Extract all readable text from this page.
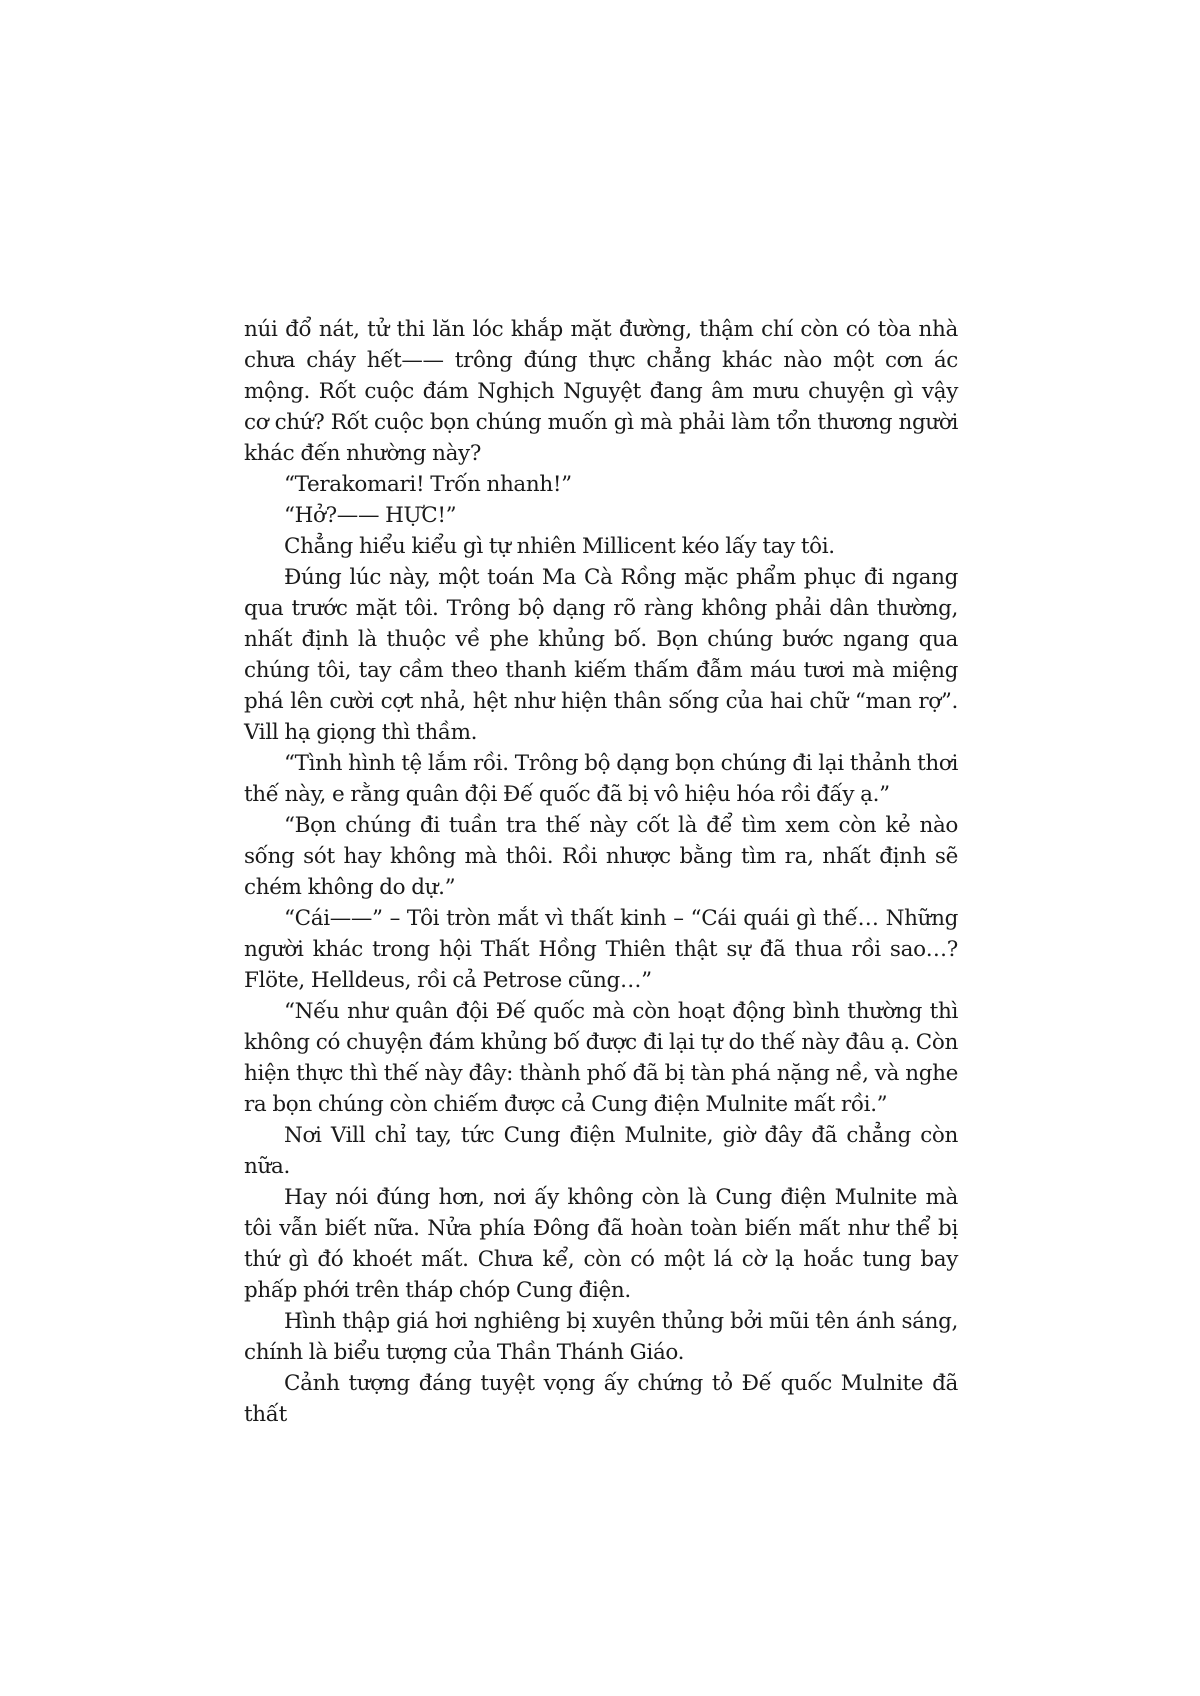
núi đổ nát, tử thi lăn lóc khắp mặt đường, thậm chí còn có tòa nhà chưa cháy hết—— trông đúng thực chẳng khác nào một cơn ác mộng. Rốt cuộc đám Nghịch Nguyệt đang âm mưu chuyện gì vậy cơ chứ? Rốt cuộc bọn chúng muốn gì mà phải làm tổn thương người khác đến nhường này?

“Terakomari! Trốn nhanh!”

“Hở?—— HỰC!”

Chẳng hiểu kiểu gì tự nhiên Millicent kéo lấy tay tôi.

Đúng lúc này, một toán Ma Cà Rồng mặc phẩm phục đi ngang qua trước mặt tôi. Trông bộ dạng rõ ràng không phải dân thường, nhất định là thuộc về phe khủng bố. Bọn chúng bước ngang qua chúng tôi, tay cầm theo thanh kiếm thấm đẫm máu tươi mà miệng phá lên cười cợt nhả, hệt như hiện thân sống của hai chữ “man rợ”. Vill hạ giọng thì thầm.

“Tình hình tệ lắm rồi. Trông bộ dạng bọn chúng đi lại thảnh thơi thế này, e rằng quân đội Đế quốc đã bị vô hiệu hóa rồi đấy ạ.”

“Bọn chúng đi tuần tra thế này cốt là để tìm xem còn kẻ nào sống sót hay không mà thôi. Rồi nhược bằng tìm ra, nhất định sẽ chém không do dự.”

“Cái——” – Tôi tròn mắt vì thất kinh – “Cái quái gì thế… Những người khác trong hội Thất Hồng Thiên thật sự đã thua rồi sao…? Flöte, Helldeus, rồi cả Petrose cũng…”

“Nếu như quân đội Đế quốc mà còn hoạt động bình thường thì không có chuyện đám khủng bố được đi lại tự do thế này đâu ạ. Còn hiện thực thì thế này đây: thành phố đã bị tàn phá nặng nề, và nghe ra bọn chúng còn chiếm được cả Cung điện Mulnite mất rồi.”

Nơi Vill chỉ tay, tức Cung điện Mulnite, giờ đây đã chẳng còn nữa.

Hay nói đúng hơn, nơi ấy không còn là Cung điện Mulnite mà tôi vẫn biết nữa. Nửa phía Đông đã hoàn toàn biến mất như thể bị thứ gì đó khoét mất. Chưa kể, còn có một lá cờ lạ hoắc tung bay phấp phới trên tháp chóp Cung điện.

Hình thập giá hơi nghiêng bị xuyên thủng bởi mũi tên ánh sáng, chính là biểu tượng của Thần Thánh Giáo.

Cảnh tượng đáng tuyệt vọng ấy chứng tỏ Đế quốc Mulnite đã thất
